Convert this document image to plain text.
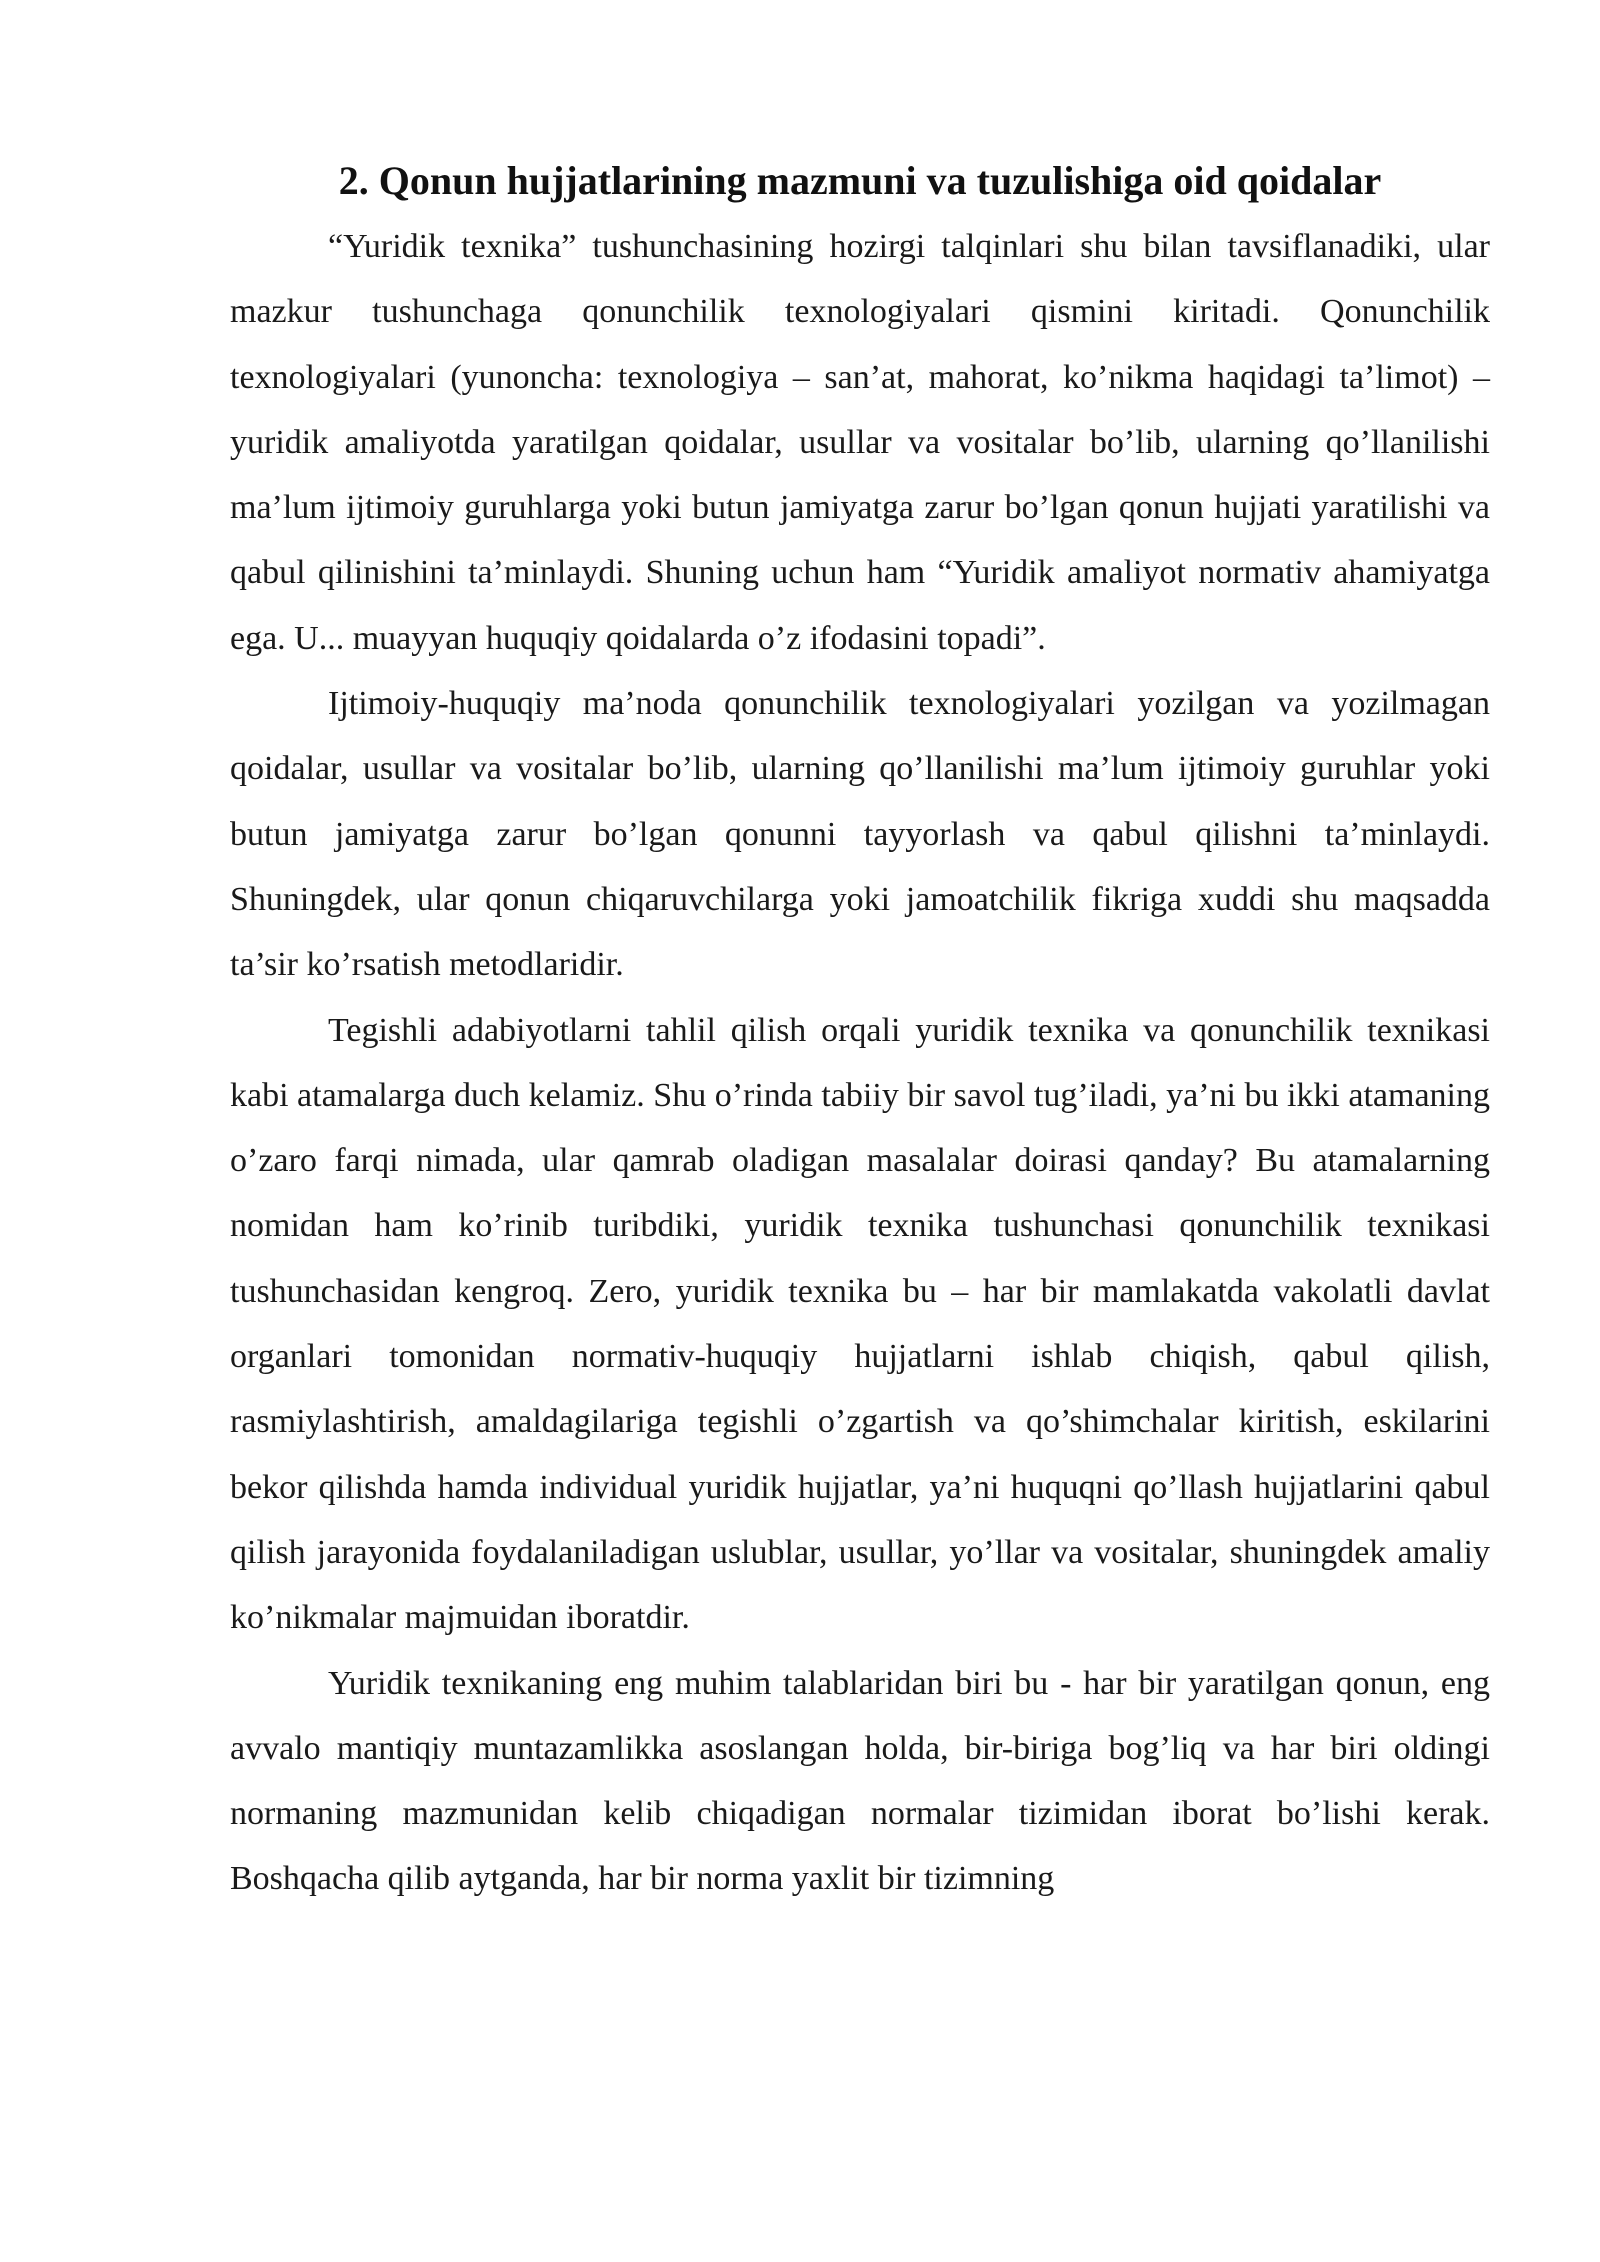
2. Qonun hujjatlarining mazmuni va tuzulishiga oid qoidalar

“Yuridik texnika” tushunchasining hozirgi talqinlari shu bilan tavsiflanadiki, ular mazkur tushunchaga qonunchilik texnologiyalari qismini kiritadi. Qonunchilik texnologiyalari (yunoncha: texnologiya – san’at, mahorat, ko’nikma haqidagi ta’limot) – yuridik amaliyotda yaratilgan qoidalar, usullar va vositalar bo’lib, ularning qo’llanilishi ma’lum ijtimoiy guruhlarga yoki butun jamiyatga zarur bo’lgan qonun hujjati yaratilishi va qabul qilinishini ta’minlaydi. Shuning uchun ham “Yuridik amaliyot normativ ahamiyatga ega. U... muayyan huquqiy qoidalarda o’z ifodasini topadi”.

Ijtimoiy-huquqiy ma’noda qonunchilik texnologiyalari yozilgan va yozilmagan qoidalar, usullar va vositalar bo’lib, ularning qo’llanilishi ma’lum ijtimoiy guruhlar yoki butun jamiyatga zarur bo’lgan qonunni tayyorlash va qabul qilishni ta’minlaydi. Shuningdek, ular qonun chiqaruvchilarga yoki jamoatchilik fikriga xuddi shu maqsadda ta’sir ko’rsatish metodlaridir.

Tegishli adabiyotlarni tahlil qilish orqali yuridik texnika va qonunchilik texnikasi kabi atamalarga duch kelamiz. Shu o’rinda tabiiy bir savol tug’iladi, ya’ni bu ikki atamaning o’zaro farqi nimada, ular qamrab oladigan masalalar doirasi qanday? Bu atamalarning nomidan ham ko’rinib turibdiki, yuridik texnika tushunchasi qonunchilik texnikasi tushunchasidan kengroq. Zero, yuridik texnika bu – har bir mamlakatda vakolatli davlat organlari tomonidan normativ-huquqiy hujjatlarni ishlab chiqish, qabul qilish, rasmiylashtirish, amaldagilariga tegishli o’zgartish va qo’shimchalar kiritish, eskilarini bekor qilishda hamda individual yuridik hujjatlar, ya’ni huquqni qo’llash hujjatlarini qabul qilish jarayonida foydalaniladigan uslublar, usullar, yo’llar va vositalar, shuningdek amaliy ko’nikmalar majmuidan iboratdir.

Yuridik texnikaning eng muhim talablaridan biri bu - har bir yaratilgan qonun, eng avvalo mantiqiy muntazamlikka asoslangan holda, bir-biriga bog’liq va har biri oldingi normaning mazmunidan kelib chiqadigan normalar tizimidan iborat bo’lishi kerak. Boshqacha qilib aytganda, har bir norma yaxlit bir tizimning
